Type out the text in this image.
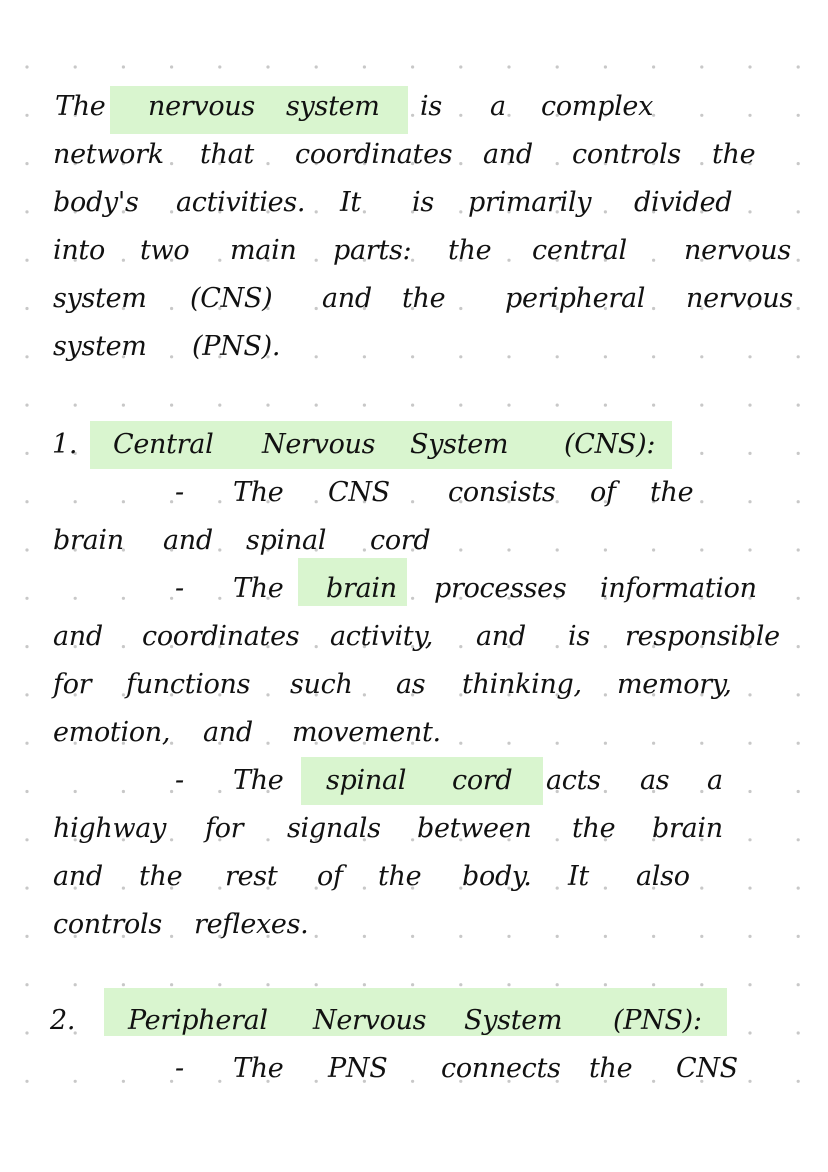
The nervous system is a complex
network that coordinates and controls the
body's activities. It is primarily divided
into two main parts: the central nervous
system (CNS) and the peripheral nervous
system (PNS).
1. Central Nervous System (CNS):
- The CNS consists of the
brain and spinal cord
- The brain processes information
and coordinates activity, and is responsible
for functions such as thinking, memory,
emotion, and movement.
- The spinal cord acts as a
highway for signals between the brain
and the rest of the body. It also
controls reflexes.
2. Peripheral Nervous System (PNS):
- The PNS connects the CNS
